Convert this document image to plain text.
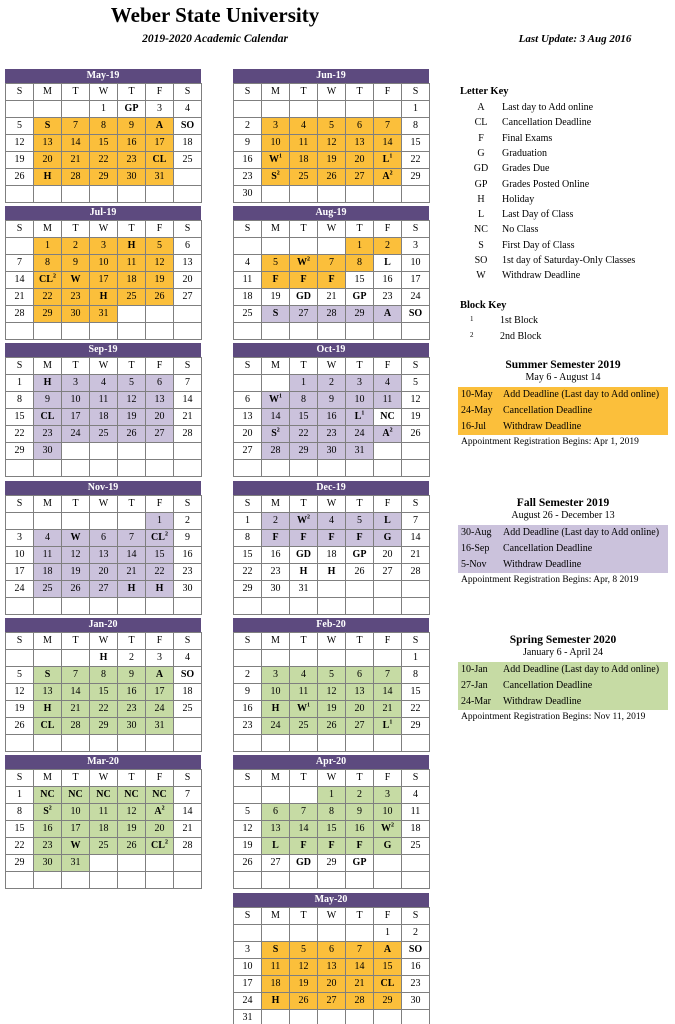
Weber State University
2019-2020 Academic Calendar	Last Update: 3 Aug 2016
May-19
S	M	T	W	T	F	S
			1	GP	3	4
5	S	7	8	9	A	SO
12	13	14	15	16	17	18
19	20	21	22	23	CL	25
26	H	28	29	30	31	

Jun-19
S	M	T	W	T	F	S
						1
2	3	4	5	6	7	8
9	10	11	12	13	14	15
16	$W^1$	18	19	20	$L^1$	22
23	$S^2$	25	26	27	$A^2$	29
30						
Jul-19
S	M	T	W	T	F	S
	1	2	3	H	5	6
7	8	9	10	11	12	13
14	$CL^2$	W	17	18	19	20
21	22	23	H	25	26	27
28	29	30	31			

Aug-19
S	M	T	W	T	F	S
				1	2	3
4	5	$W^2$	7	8	L	10
11	F	F	F	15	16	17
18	19	GD	21	GP	23	24
25	S	27	28	29	A	SO

Sep-19
S	M	T	W	T	F	S
1	H	3	4	5	6	7
8	9	10	11	12	13	14
15	CL	17	18	19	20	21
22	23	24	25	26	27	28
29	30					

Oct-19
S	M	T	W	T	F	S
		1	2	3	4	5
6	$W^1$	8	9	10	11	12
13	14	15	16	$L^1$	NC	19
20	$S^2$	22	23	24	$A^2$	26
27	28	29	30	31		

Nov-19
S	M	T	W	T	F	S
					1	2
3	4	W	6	7	$CL^2$	9
10	11	12	13	14	15	16
17	18	19	20	21	22	23
24	25	26	27	H	H	30

Dec-19
S	M	T	W	T	F	S
1	2	$W^2$	4	5	L	7
8	F	F	F	F	G	14
15	16	GD	18	GP	20	21
22	23	H	H	26	27	28
29	30	31				

Jan-20
S	M	T	W	T	F	S
			H	2	3	4
5	S	7	8	9	A	SO
12	13	14	15	16	17	18
19	H	21	22	23	24	25
26	CL	28	29	30	31	

Feb-20
S	M	T	W	T	F	S
						1
2	3	4	5	6	7	8
9	10	11	12	13	14	15
16	H	$W^1$	19	20	21	22
23	24	25	26	27	$L^1$	29

Mar-20
S	M	T	W	T	F	S
1	NC	NC	NC	NC	NC	7
8	$S^2$	10	11	12	$A^2$	14
15	16	17	18	19	20	21
22	23	W	25	26	$CL^2$	28
29	30	31				

Apr-20
S	M	T	W	T	F	S
			1	2	3	4
5	6	7	8	9	10	11
12	13	14	15	16	$W^2$	18
19	L	F	F	F	G	25
26	27	GD	29	GP		

May-20
S	M	T	W	T	F	S
					1	2
3	S	5	6	7	A	SO
10	11	12	13	14	15	16
17	18	19	20	21	CL	23
24	H	26	27	28	29	30
31						
Letter Key
A	Last day to Add online
CL	Cancellation Deadline
F	Final Exams
G	Graduation
GD	Grades Due
GP	Grades Posted Online
H	Holiday
L	Last Day of Class
NC	No Class
S	First Day of Class
SO	1st day of Saturday-Only Classes
W	Withdraw Deadline
Block Key
1	1st Block
2	2nd Block
Summer Semester 2019
May 6 - August 14
10-May Add Deadline (Last day to Add online)
24-May Cancellation Deadline
16-Jul Withdraw Deadline
Appointment Registration Begins: Apr 1, 2019
Fall Semester 2019
August 26 - December 13
30-Aug Add Deadline (Last day to Add online)
16-Sep Cancellation Deadline
5-Nov Withdraw Deadline
Appointment Registration Begins: Apr, 8 2019
Spring Semester 2020
January 6 - April 24
10-Jan Add Deadline (Last day to Add online)
27-Jan Cancellation Deadline
24-Mar Withdraw Deadline
Appointment Registration Begins: Nov 11, 2019
